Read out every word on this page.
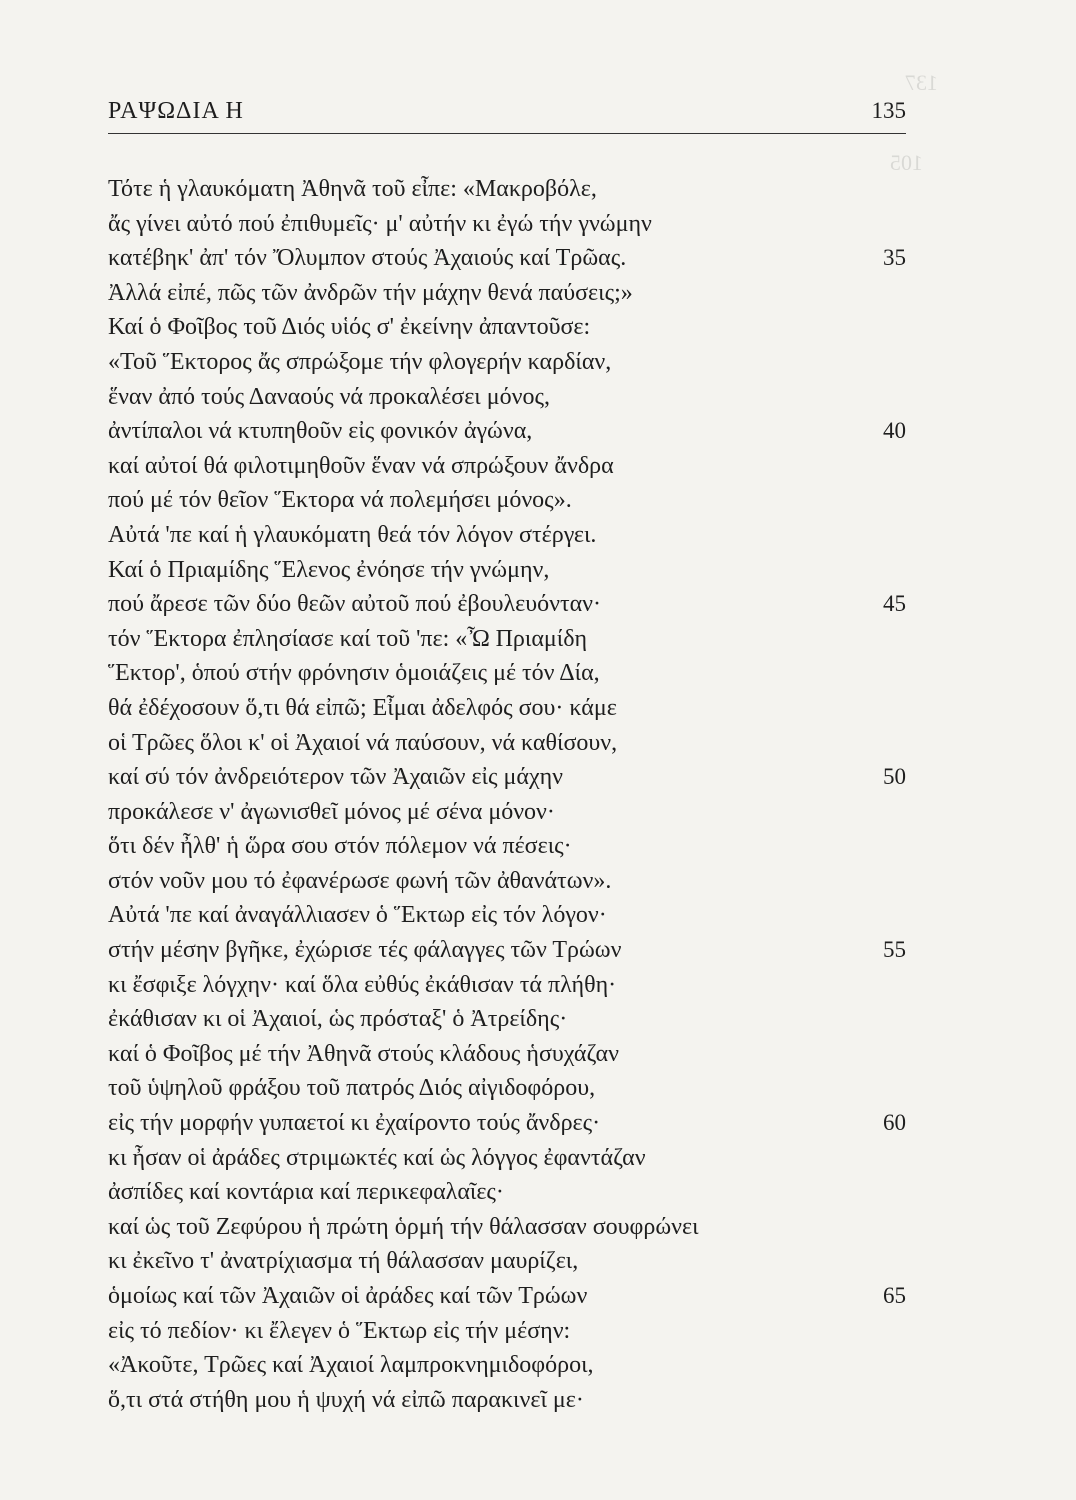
137
105
ΡΑΨΩΔΙΑ Η	135
Τότε ἡ γλαυκόματη Ἀθηνᾶ τοῦ εἶπε: «Μακροβόλε,
ἄς γίνει αὐτό πού ἐπιθυμεῖς· μ' αὐτήν κι ἐγώ τήν γνώμην
κατέβηκ' ἀπ' τόν Ὄλυμπον στούς Ἀχαιούς καί Τρῶας.	35
Ἀλλά εἰπέ, πῶς τῶν ἀνδρῶν τήν μάχην θενά παύσεις;»
Καί ὁ Φοῖβος τοῦ Διός υἱός σ' ἐκείνην ἀπαντοῦσε:
«Τοῦ Ἕκτορος ἄς σπρώξομε τήν φλογερήν καρδίαν,
ἕναν ἀπό τούς Δαναούς νά προκαλέσει μόνος,
ἀντίπαλοι νά κτυπηθοῦν εἰς φονικόν ἀγώνα,	40
καί αὐτοί θά φιλοτιμηθοῦν ἕναν νά σπρώξουν ἄνδρα
πού μέ τόν θεῖον Ἕκτορα νά πολεμήσει μόνος».
Αὐτά 'πε καί ἡ γλαυκόματη θεά τόν λόγον στέργει.
Καί ὁ Πριαμίδης Ἕλενος ἐνόησε τήν γνώμην,
πού ἄρεσε τῶν δύο θεῶν αὐτοῦ πού ἐβουλευόνταν·	45
τόν Ἕκτορα ἐπλησίασε καί τοῦ 'πε: «Ὦ Πριαμίδη
Ἕκτορ', ὁπού στήν φρόνησιν ὁμοιάζεις μέ τόν Δία,
θά ἐδέχοσουν ὅ,τι θά εἰπῶ; Εἶμαι ἀδελφός σου· κάμε
οἱ Τρῶες ὅλοι κ' οἱ Ἀχαιοί νά παύσουν, νά καθίσουν,
καί σύ τόν ἀνδρειότερον τῶν Ἀχαιῶν εἰς μάχην	50
προκάλεσε ν' ἀγωνισθεῖ μόνος μέ σένα μόνον·
ὅτι δέν ἦλθ' ἡ ὥρα σου στόν πόλεμον νά πέσεις·
στόν νοῦν μου τό ἐφανέρωσε φωνή τῶν ἀθανάτων».
Αὐτά 'πε καί ἀναγάλλιασεν ὁ Ἕκτωρ εἰς τόν λόγον·
στήν μέσην βγῆκε, ἐχώρισε τές φάλαγγες τῶν Τρώων	55
κι ἔσφιξε λόγχην· καί ὅλα εὐθύς ἐκάθισαν τά πλήθη·
ἐκάθισαν κι οἱ Ἀχαιοί, ὡς πρόσταξ' ὁ Ἀτρείδης·
καί ὁ Φοῖβος μέ τήν Ἀθηνᾶ στούς κλάδους ἡσυχάζαν
τοῦ ὑψηλοῦ φράξου τοῦ πατρός Διός αἰγιδοφόρου,
εἰς τήν μορφήν γυπαετοί κι ἐχαίροντο τούς ἄνδρες·	60
κι ἦσαν οἱ ἀράδες στριμωκτές καί ὡς λόγγος ἐφαντάζαν
ἀσπίδες καί κοντάρια καί περικεφαλαῖες·
καί ὡς τοῦ Ζεφύρου ἡ πρώτη ὁρμή τήν θάλασσαν σουφρώνει
κι ἐκεῖνο τ' ἀνατρίχιασμα τή θάλασσαν μαυρίζει,
ὁμοίως καί τῶν Ἀχαιῶν οἱ ἀράδες καί τῶν Τρώων	65
εἰς τό πεδίον· κι ἔλεγεν ὁ Ἕκτωρ εἰς τήν μέσην:
«Ἀκοῦτε, Τρῶες καί Ἀχαιοί λαμπροκνημιδοφόροι,
ὅ,τι στά στήθη μου ἡ ψυχή νά εἰπῶ παρακινεῖ με·
